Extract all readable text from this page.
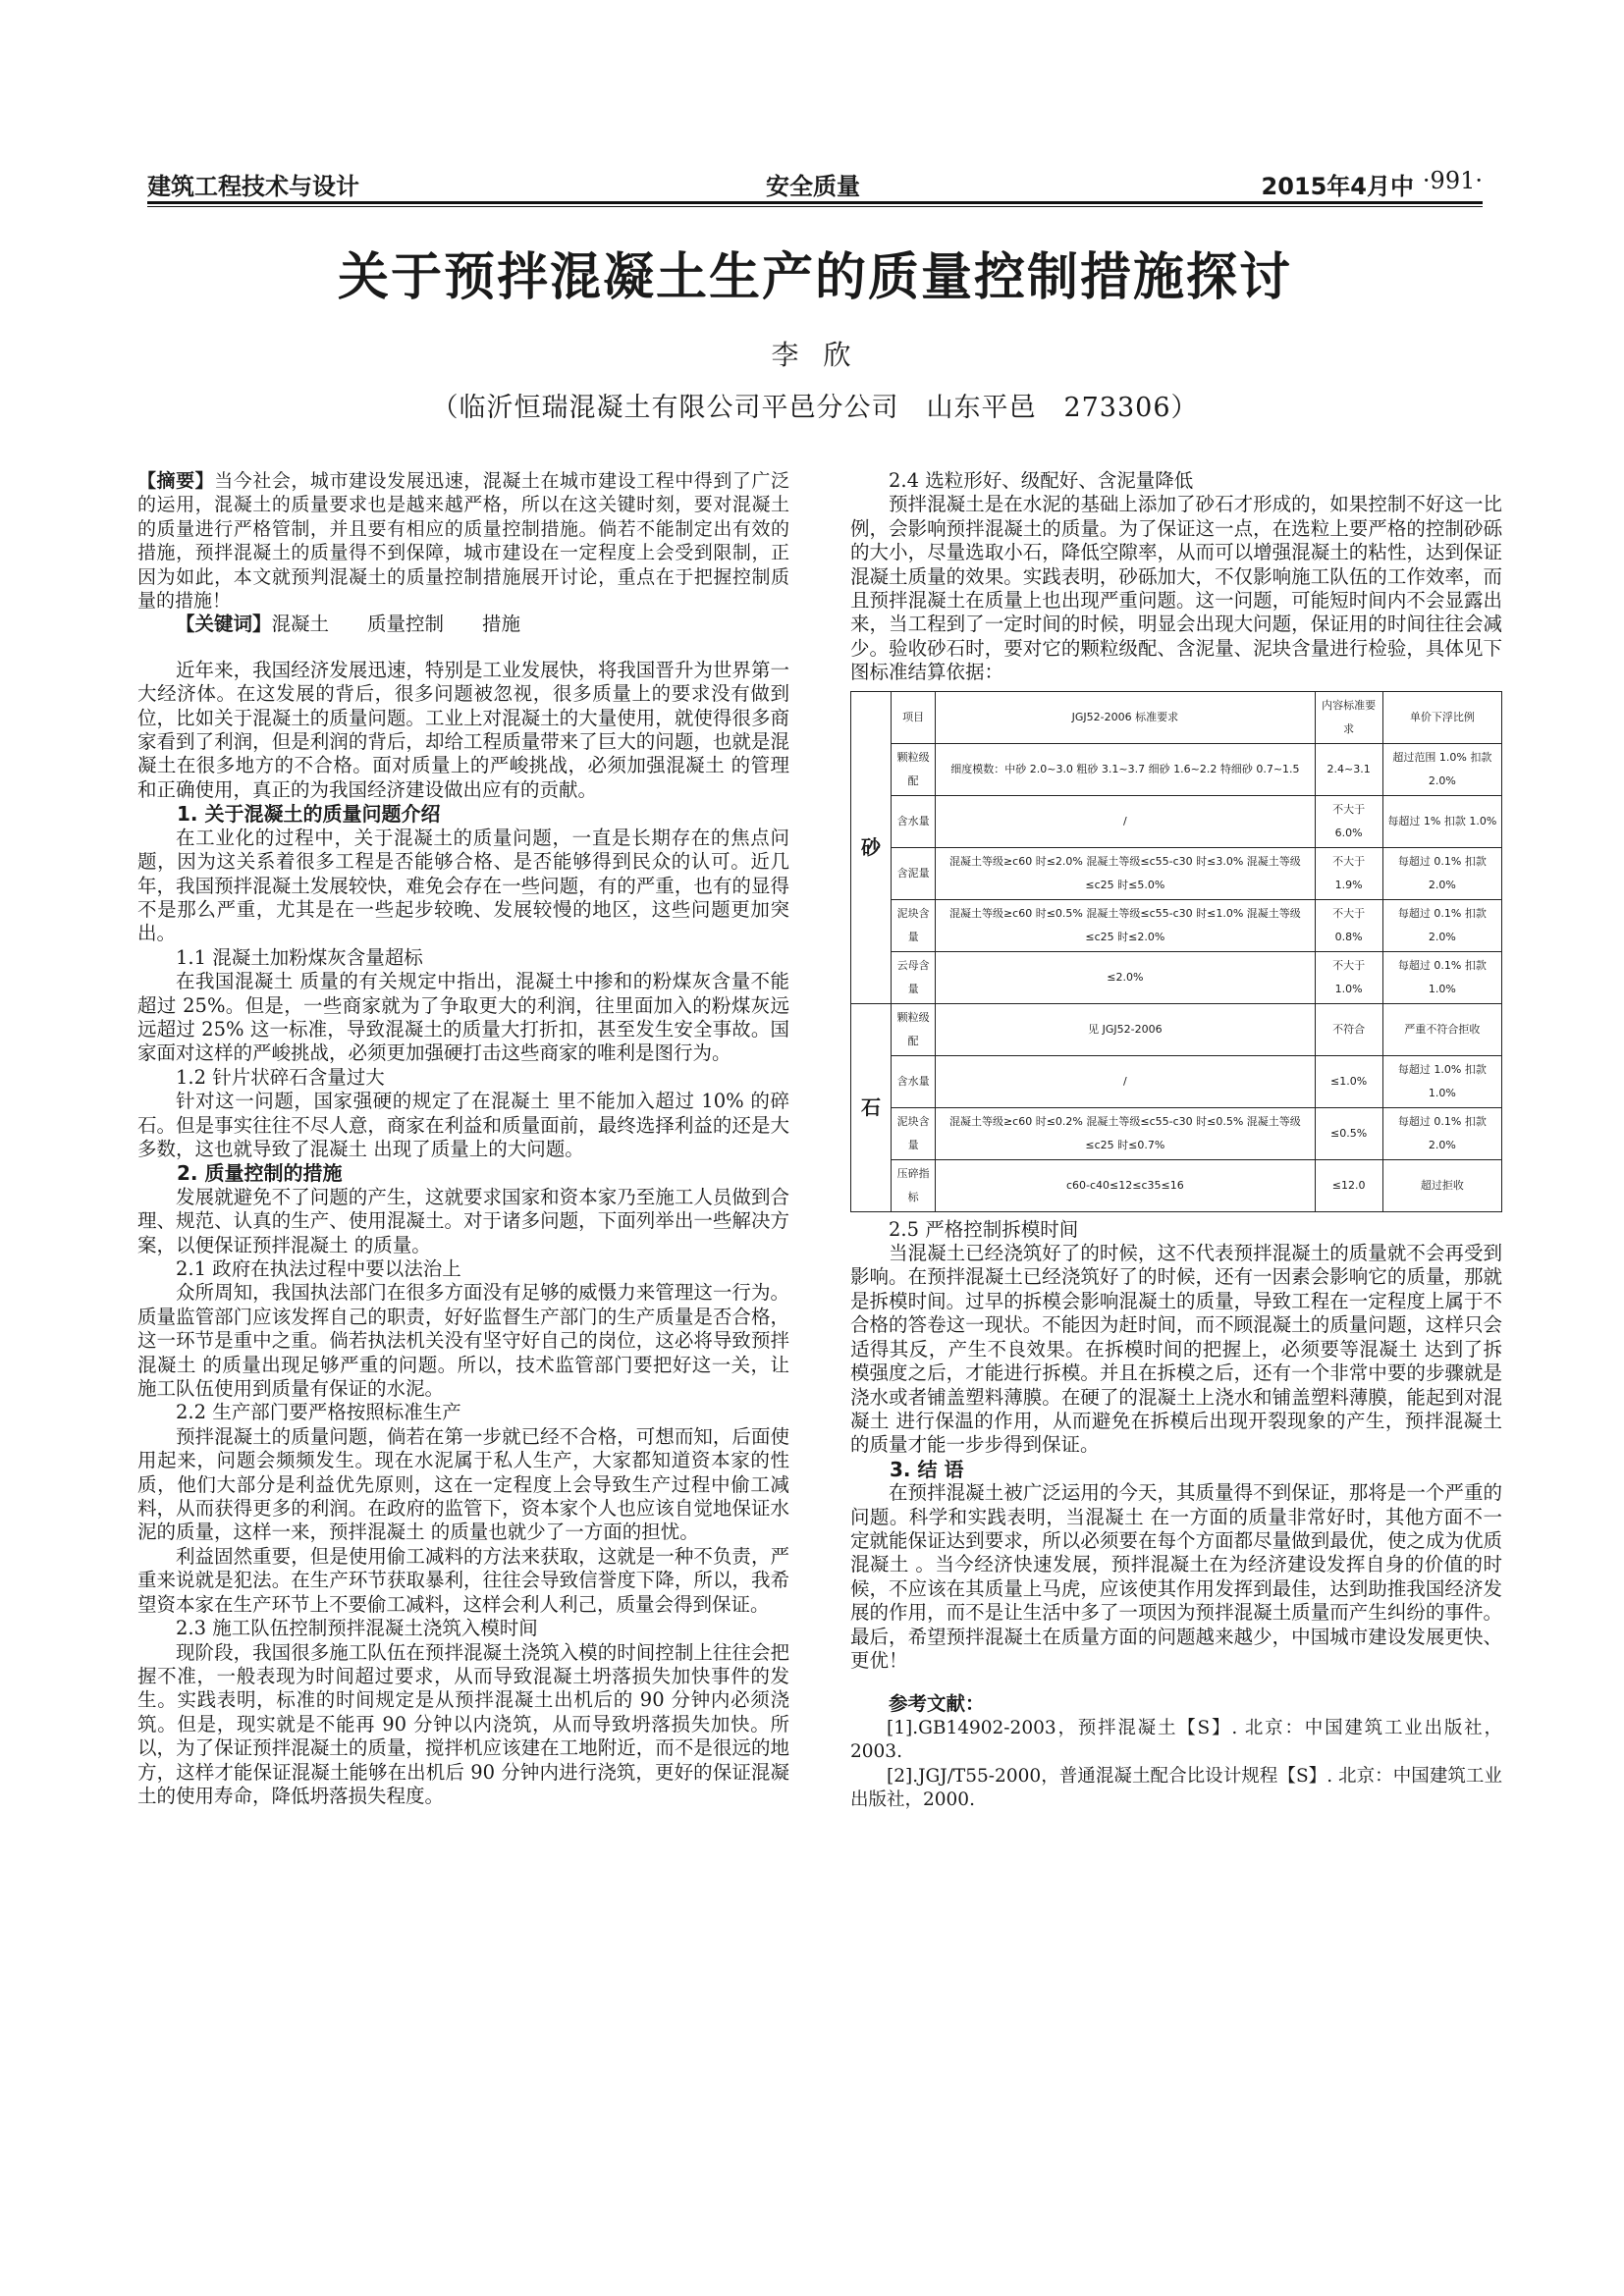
建筑工程技术与设计	安全质量	2015年4月中 ·991·
关于预拌混凝土生产的质量控制措施探讨
李 欣
（临沂恒瑞混凝土有限公司平邑分公司　山东平邑　273306）

【摘要】当今社会，城市建设发展迅速，混凝土在城市建设工程中得到了广泛的运用，混凝土的质量要求也是越来越严格，所以在这关键时刻，要对混凝土的质量进行严格管制，并且要有相应的质量控制措施。倘若不能制定出有效的措施，预拌混凝土的质量得不到保障，城市建设在一定程度上会受到限制，正因为如此，本文就预判混凝土的质量控制措施展开讨论，重点在于把握控制质量的措施！

【关键词】混凝土　　质量控制　　措施

近年来，我国经济发展迅速，特别是工业发展快，将我国晋升为世界第一大经济体。在这发展的背后，很多问题被忽视，很多质量上的要求没有做到位，比如关于混凝土的质量问题。工业上对混凝土的大量使用，就使得很多商家看到了利润，但是利润的背后，却给工程质量带来了巨大的问题，也就是混凝土在很多地方的不合格。面对质量上的严峻挑战，必须加强混凝土 的管理和正确使用，真正的为我国经济建设做出应有的贡献。

1. 关于混凝土的质量问题介绍

在工业化的过程中，关于混凝土的质量问题，一直是长期存在的焦点问题，因为这关系着很多工程是否能够合格、是否能够得到民众的认可。近几年，我国预拌混凝土发展较快，难免会存在一些问题，有的严重，也有的显得不是那么严重，尤其是在一些起步较晚、发展较慢的地区，这些问题更加突出。

1.1 混凝土加粉煤灰含量超标

在我国混凝土 质量的有关规定中指出，混凝土中掺和的粉煤灰含量不能超过 25%。但是，一些商家就为了争取更大的利润，往里面加入的粉煤灰远远超过 25% 这一标准，导致混凝土的质量大打折扣，甚至发生安全事故。国家面对这样的严峻挑战，必须更加强硬打击这些商家的唯利是图行为。

1.2 针片状碎石含量过大

针对这一问题，国家强硬的规定了在混凝土 里不能加入超过 10% 的碎石。但是事实往往不尽人意，商家在利益和质量面前，最终选择利益的还是大多数，这也就导致了混凝土 出现了质量上的大问题。

2. 质量控制的措施

发展就避免不了问题的产生，这就要求国家和资本家乃至施工人员做到合理、规范、认真的生产、使用混凝土。对于诸多问题，下面列举出一些解决方案，以便保证预拌混凝土 的质量。

2.1 政府在执法过程中要以法治上

众所周知，我国执法部门在很多方面没有足够的威慑力来管理这一行为。质量监管部门应该发挥自己的职责，好好监督生产部门的生产质量是否合格，这一环节是重中之重。倘若执法机关没有坚守好自己的岗位，这必将导致预拌混凝土 的质量出现足够严重的问题。所以，技术监管部门要把好这一关，让施工队伍使用到质量有保证的水泥。

2.2 生产部门要严格按照标准生产

预拌混凝土的质量问题，倘若在第一步就已经不合格，可想而知，后面使用起来，问题会频频发生。现在水泥属于私人生产，大家都知道资本家的性质，他们大部分是利益优先原则，这在一定程度上会导致生产过程中偷工减料，从而获得更多的利润。在政府的监管下，资本家个人也应该自觉地保证水泥的质量，这样一来，预拌混凝土 的质量也就少了一方面的担忧。

利益固然重要，但是使用偷工减料的方法来获取，这就是一种不负责，严重来说就是犯法。在生产环节获取暴利，往往会导致信誉度下降，所以，我希望资本家在生产环节上不要偷工减料，这样会利人利己，质量会得到保证。

2.3 施工队伍控制预拌混凝土浇筑入模时间

现阶段，我国很多施工队伍在预拌混凝土浇筑入模的时间控制上往往会把握不准，一般表现为时间超过要求，从而导致混凝土坍落损失加快事件的发生。实践表明，标准的时间规定是从预拌混凝土出机后的 90 分钟内必须浇筑。但是，现实就是不能再 90 分钟以内浇筑，从而导致坍落损失加快。所以，为了保证预拌混凝土的质量，搅拌机应该建在工地附近，而不是很远的地方，这样才能保证混凝土能够在出机后 90 分钟内进行浇筑，更好的保证混凝土的使用寿命，降低坍落损失程度。

2.4 选粒形好、级配好、含泥量降低

预拌混凝土是在水泥的基础上添加了砂石才形成的，如果控制不好这一比例，会影响预拌混凝土的质量。为了保证这一点，在选粒上要严格的控制砂砾的大小，尽量选取小石，降低空隙率，从而可以增强混凝土的粘性，达到保证混凝土质量的效果。实践表明，砂砾加大，不仅影响施工队伍的工作效率，而且预拌混凝土在质量上也出现严重问题。这一问题，可能短时间内不会显露出来，当工程到了一定时间的时候，明显会出现大问题，保证用的时间往往会减少。验收砂石时，要对它的颗粒级配、含泥量、泥块含量进行检验，具体见下图标准结算依据：

砂	项目	JGJ52-2006 标准要求	内容标准要求	单价下浮比例
	颗粒级配	细度模数：中砂 2.0~3.0 粗砂 3.1~3.7 细砂 1.6~2.2 特细砂 0.7~1.5	2.4~3.1	超过范围 1.0% 扣款 2.0%
	含水量	/	不大于 6.0%	每超过 1% 扣款 1.0%
	含泥量	混凝土等级≥c60 时≤2.0% 混凝土等级≤c55-c30 时≤3.0% 混凝土等级≤c25 时≤5.0%	不大于 1.9%	每超过 0.1% 扣款 2.0%
	泥块含量	混凝土等级≥c60 时≤0.5% 混凝土等级≤c55-c30 时≤1.0% 混凝土等级≤c25 时≤2.0%	不大于 0.8%	每超过 0.1% 扣款 2.0%
	云母含量	≤2.0%	不大于 1.0%	每超过 0.1% 扣款 1.0%
石	颗粒级配	见 JGJ52-2006	不符合	严重不符合拒收
	含水量	/	≤1.0%	每超过 1.0% 扣款 1.0%
	泥块含量	混凝土等级≥c60 时≤0.2% 混凝土等级≤c55-c30 时≤0.5% 混凝土等级≤c25 时≤0.7%	≤0.5%	每超过 0.1% 扣款 2.0%
	压碎指标	c60-c40≤12≤c35≤16	≤12.0	超过拒收
2.5 严格控制拆模时间

当混凝土已经浇筑好了的时候，这不代表预拌混凝土的质量就不会再受到影响。在预拌混凝土已经浇筑好了的时候，还有一因素会影响它的质量，那就是拆模时间。过早的拆模会影响混凝土的质量，导致工程在一定程度上属于不合格的答卷这一现状。不能因为赶时间，而不顾混凝土的质量问题，这样只会适得其反，产生不良效果。在拆模时间的把握上，必须要等混凝土 达到了拆模强度之后，才能进行拆模。并且在拆模之后，还有一个非常中要的步骤就是浇水或者铺盖塑料薄膜。在硬了的混凝土上浇水和铺盖塑料薄膜，能起到对混凝土 进行保温的作用，从而避免在拆模后出现开裂现象的产生，预拌混凝土的质量才能一步步得到保证。

3. 结 语

在预拌混凝土被广泛运用的今天，其质量得不到保证，那将是一个严重的问题。科学和实践表明，当混凝土 在一方面的质量非常好时，其他方面不一定就能保证达到要求，所以必须要在每个方面都尽量做到最优，使之成为优质混凝土 。当今经济快速发展，预拌混凝土在为经济建设发挥自身的价值的时候，不应该在其质量上马虎，应该使其作用发挥到最佳，达到助推我国经济发展的作用，而不是让生活中多了一项因为预拌混凝土质量而产生纠纷的事件。最后，希望预拌混凝土在质量方面的问题越来越少，中国城市建设发展更快、更优！

参考文献：

[1].GB14902-2003，预拌混凝土【S】. 北京：中国建筑工业出版社，2003.

[2].JGJ/T55-2000，普通混凝土配合比设计规程【S】. 北京：中国建筑工业出版社，2000.
